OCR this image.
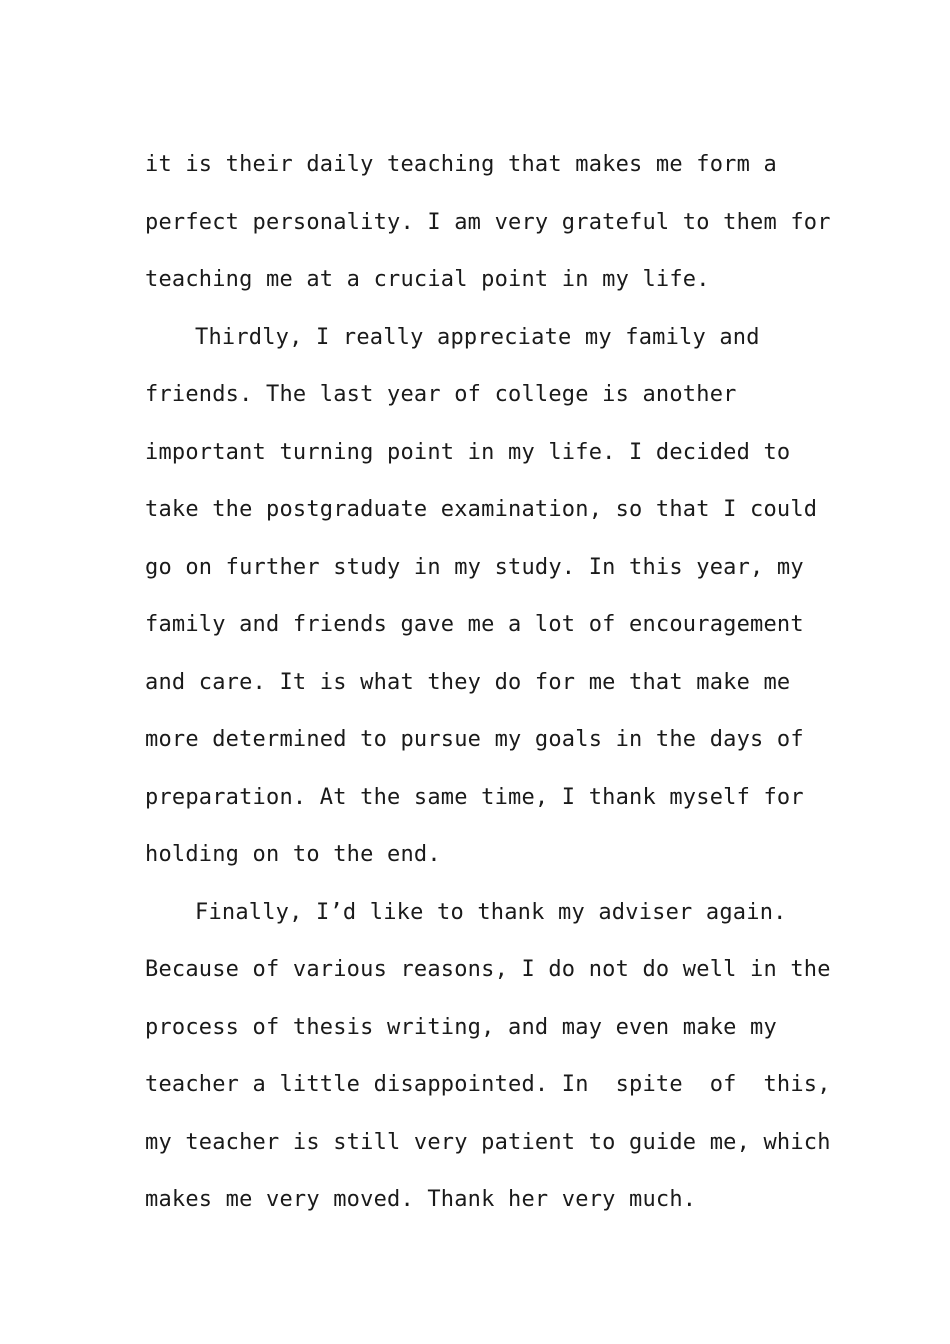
it is their daily teaching that makes me form a
perfect personality. I am very grateful to them for
teaching me at a crucial point in my life.
Thirdly, I really appreciate my family and
friends. The last year of college is another
important turning point in my life. I decided to
take the postgraduate examination, so that I could
go on further study in my study. In this year, my
family and friends gave me a lot of encouragement
and care. It is what they do for me that make me
more determined to pursue my goals in the days of
preparation. At the same time, I thank myself for
holding on to the end.
Finally, I’d like to thank my adviser again.
Because of various reasons, I do not do well in the
process of thesis writing, and may even make my
teacher a little disappointed. In  spite  of  this,
my teacher is still very patient to guide me, which
makes me very moved. Thank her very much.
